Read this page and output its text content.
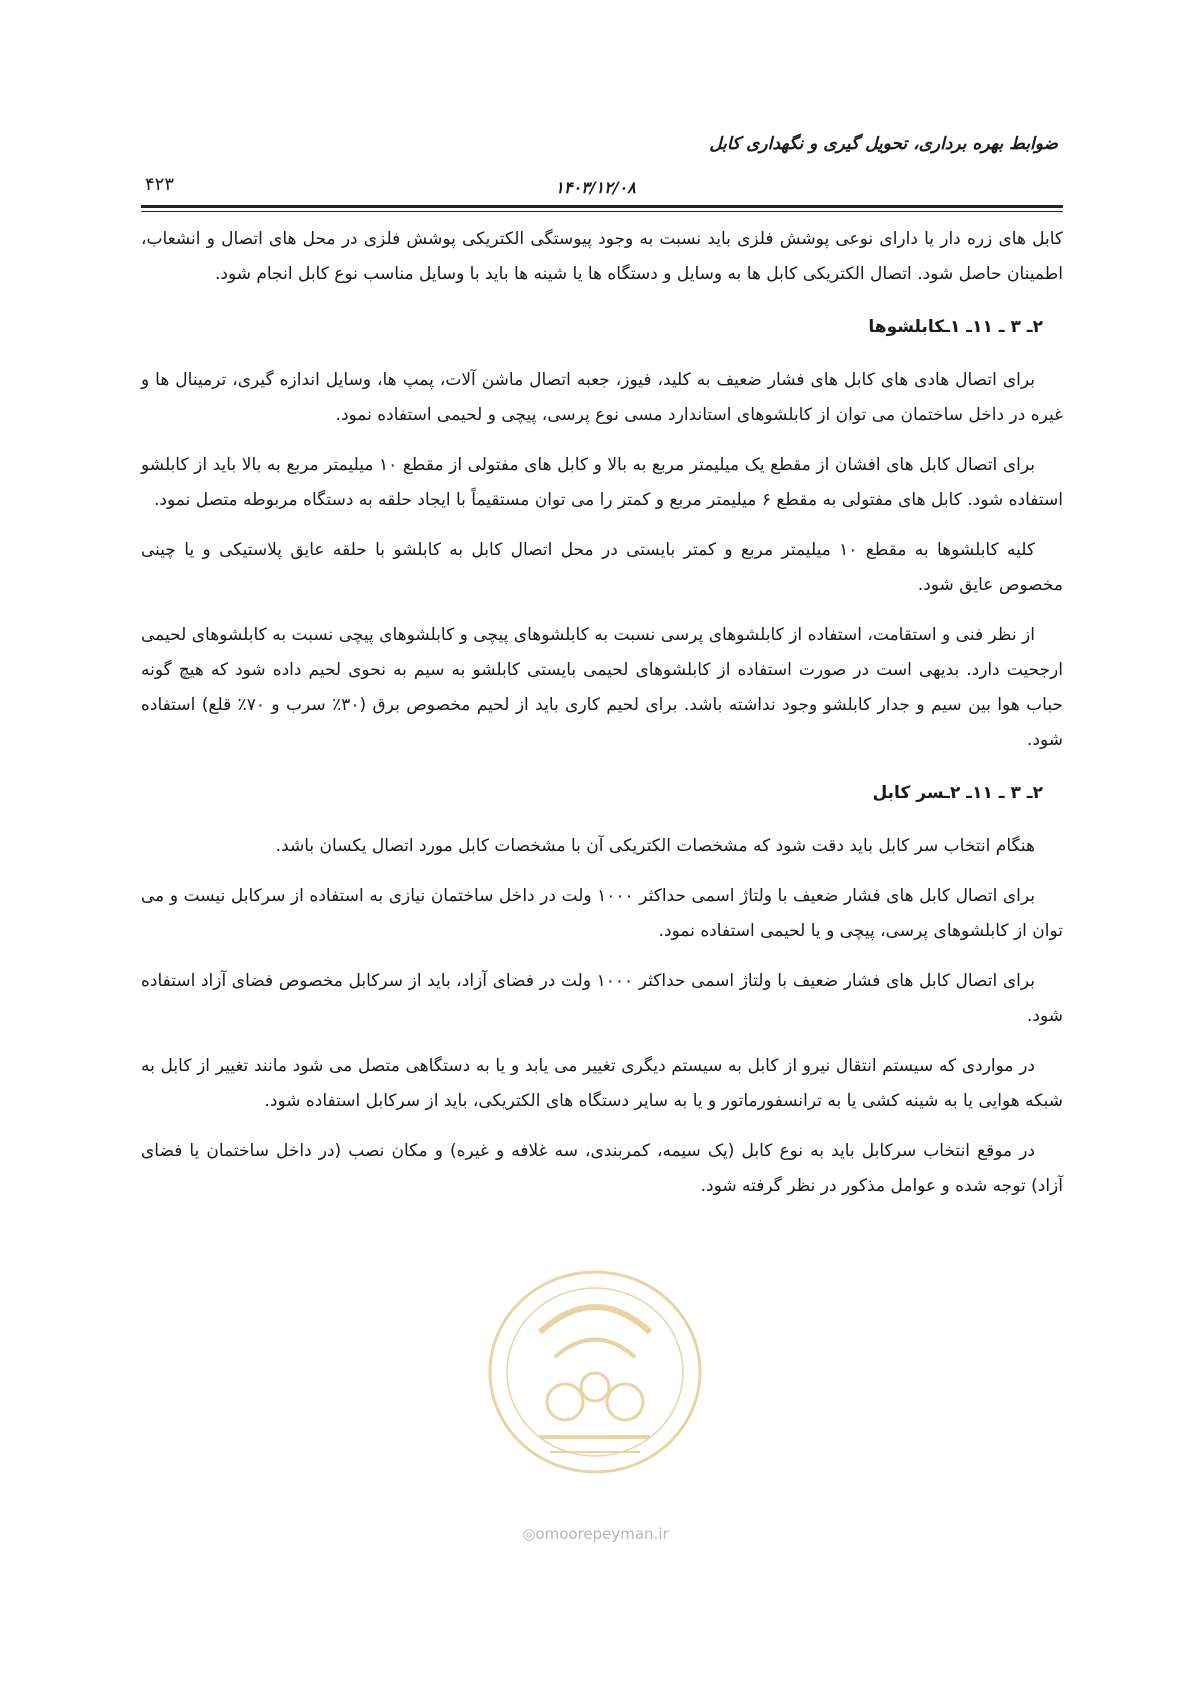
ضوابط بهره برداری، تحویل گیری و نگهداری کابل

۴۲۳	۱۴۰۳/۱۲/۰۸

کابل های زره دار یا دارای نوعی پوشش فلزی باید نسبت به وجود پیوستگی الکتریکی پوشش فلزی در محل های اتصال و انشعاب، اطمینان حاصل شود. اتصال الکتریکی کابل ها به وسایل و دستگاه ها یا شینه ها باید با وسایل مناسب نوع کابل انجام شود.

۲ـ ۳ ـ ۱۱ـ ۱ـکابلشوها

برای اتصال هادی های کابل های فشار ضعیف به کلید، فیوز، جعبه اتصال ماشن آلات، پمپ ها، وسایل اندازه گیری، ترمینال ها و غیره در داخل ساختمان می توان از کابلشوهای استاندارد مسی نوع پرسی، پیچی و لحیمی استفاده نمود.

برای اتصال کابل های افشان از مقطع یک میلیمتر مربع به بالا و کابل های مفتولی از مقطع ۱۰ میلیمتر مربع به بالا باید از کابلشو استفاده شود. کابل های مفتولی به مقطع ۶ میلیمتر مربع و کمتر را می توان مستقیماً با ایجاد حلقه به دستگاه مربوطه متصل نمود.

کلیه کابلشوها به مقطع ۱۰ میلیمتر مربع و کمتر بایستی در محل اتصال کابل به کابلشو با حلقه عایق پلاستیکی و یا چینی مخصوص عایق شود.

از نظر فنی و استقامت، استفاده از کابلشوهای پرسی نسبت به کابلشوهای پیچی و کابلشوهای پیچی نسبت به کابلشوهای لحیمی ارجحیت دارد. بدیهی است در صورت استفاده از کابلشوهای لحیمی بایستی کابلشو به سیم به نحوی لحیم داده شود که هیچ گونه حباب هوا بین سیم و جدار کابلشو وجود نداشته باشد. برای لحیم کاری باید از لحیم مخصوص برق (۳۰٪ سرب و ۷۰٪ قلع) استفاده شود.

۲ـ ۳ ـ ۱۱ـ ۲ـسر کابل

هنگام انتخاب سر کابل باید دقت شود که مشخصات الکتریکی آن با مشخصات کابل مورد اتصال یکسان باشد.

برای اتصال کابل های فشار ضعیف با ولتاژ اسمی حداکثر ۱۰۰۰ ولت در داخل ساختمان نیازی به استفاده از سرکابل نیست و می توان از کابلشوهای پرسی، پیچی و یا لحیمی استفاده نمود.

برای اتصال کابل های فشار ضعیف با ولتاژ اسمی حداکثر ۱۰۰۰ ولت در فضای آزاد، باید از سرکابل مخصوص فضای آزاد استفاده شود.

در مواردی که سیستم انتقال نیرو از کابل به سیستم دیگری تغییر می یابد و یا به دستگاهی متصل می شود مانند تغییر از کابل به شبکه هوایی یا به شینه کشی یا به ترانسفورماتور و یا به سایر دستگاه های الکتریکی، باید از سرکابل استفاده شود.

در موقع انتخاب سرکابل باید به نوع کابل (یک سیمه، کمربندی، سه غلافه و غیره) و مکان نصب (در داخل ساختمان یا فضای آزاد) توجه شده و عوامل مذکور در نظر گرفته شود.

◎omoorepeyman.ir
